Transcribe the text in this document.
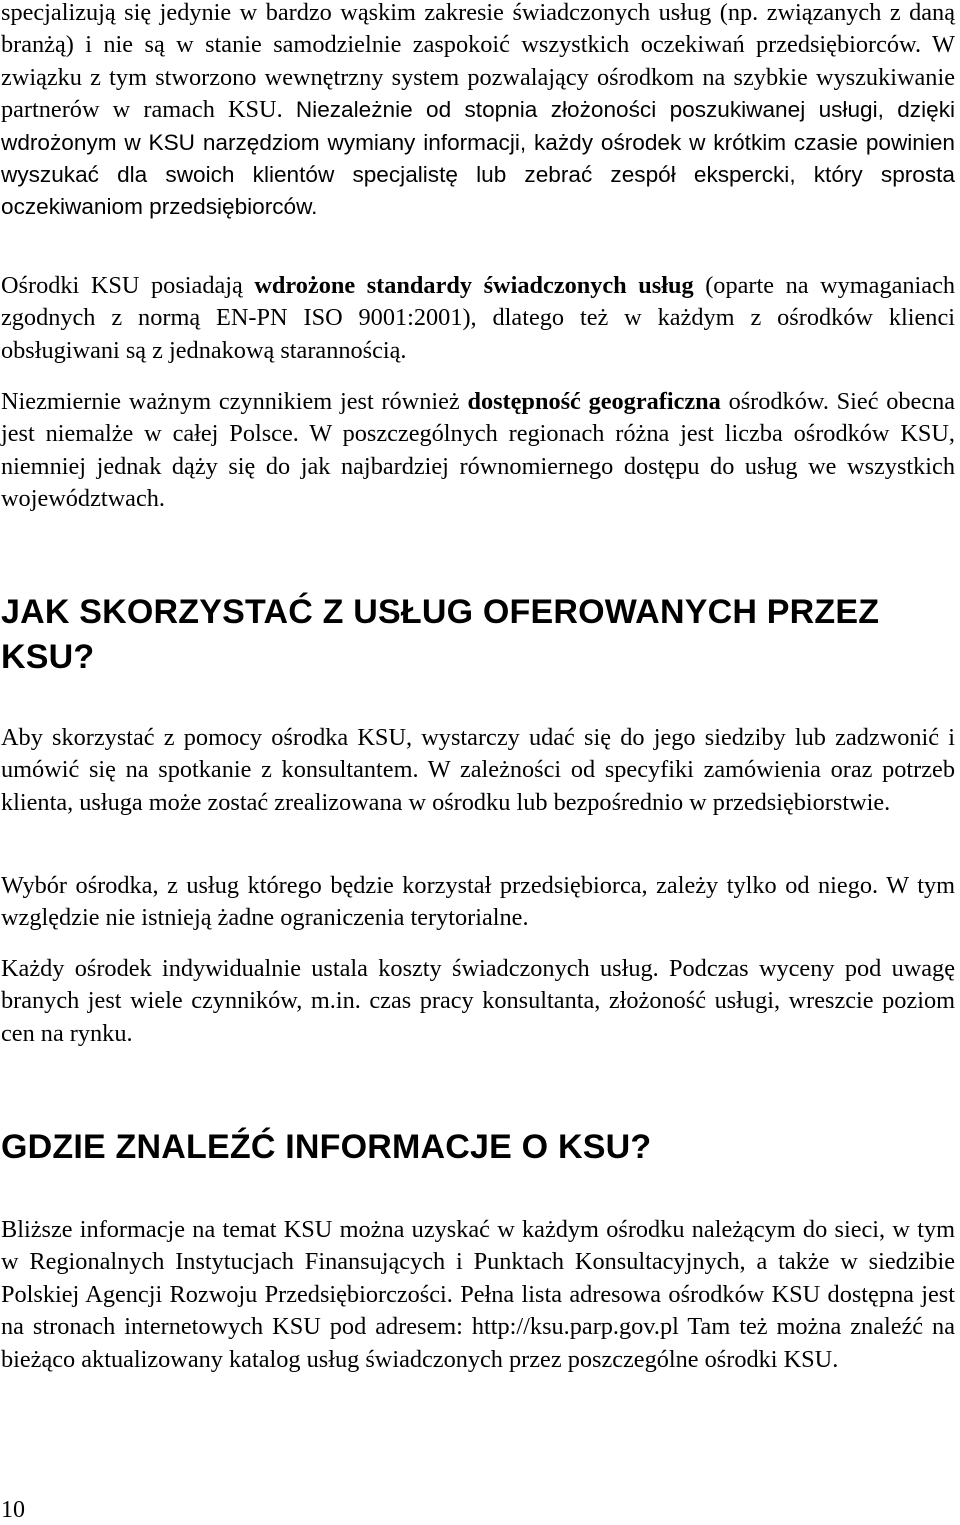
specjalizują się jedynie w bardzo wąskim zakresie świadczonych usług (np. związanych z daną branżą) i nie są w stanie samodzielnie zaspokoić wszystkich oczekiwań przedsiębiorców. W związku z tym stworzono wewnętrzny system pozwalający ośrodkom na szybkie wyszukiwanie partnerów w ramach KSU. Niezależnie od stopnia złożoności poszukiwanej usługi, dzięki wdrożonym w KSU narzędziom wymiany informacji, każdy ośrodek w krótkim czasie powinien wyszukać dla swoich klientów specjalistę lub zebrać zespół ekspercki, który sprosta oczekiwaniom przedsiębiorców.

Ośrodki KSU posiadają wdrożone standardy świadczonych usług (oparte na wymaganiach zgodnych z normą EN-PN ISO 9001:2001), dlatego też w każdym z ośrodków klienci obsługiwani są z jednakową starannością.

Niezmiernie ważnym czynnikiem jest również dostępność geograficzna ośrodków. Sieć obecna jest niemalże w całej Polsce. W poszczególnych regionach różna jest liczba ośrodków KSU, niemniej jednak dąży się do jak najbardziej równomiernego dostępu do usług we wszystkich województwach.

JAK SKORZYSTAĆ Z USŁUG OFEROWANYCH PRZEZ KSU?

Aby skorzystać z pomocy ośrodka KSU, wystarczy udać się do jego siedziby lub zadzwonić i umówić się na spotkanie z konsultantem. W zależności od specyfiki zamówienia oraz potrzeb klienta, usługa może zostać zrealizowana w ośrodku lub bezpośrednio w przedsiębiorstwie.

Wybór ośrodka, z usług którego będzie korzystał przedsiębiorca, zależy tylko od niego. W tym względzie nie istnieją żadne ograniczenia terytorialne.

Każdy ośrodek indywidualnie ustala koszty świadczonych usług. Podczas wyceny pod uwagę branych jest wiele czynników, m.in. czas pracy konsultanta, złożoność usługi, wreszcie poziom cen na rynku.

GDZIE ZNALEŹĆ INFORMACJE O KSU?

Bliższe informacje na temat KSU można uzyskać w każdym ośrodku należącym do sieci, w tym w Regionalnych Instytucjach Finansujących i Punktach Konsultacyjnych, a także w siedzibie Polskiej Agencji Rozwoju Przedsiębiorczości. Pełna lista adresowa ośrodków KSU dostępna jest na stronach internetowych KSU pod adresem: http://ksu.parp.gov.pl Tam też można znaleźć na bieżąco aktualizowany katalog usług świadczonych przez poszczególne ośrodki KSU.

10
